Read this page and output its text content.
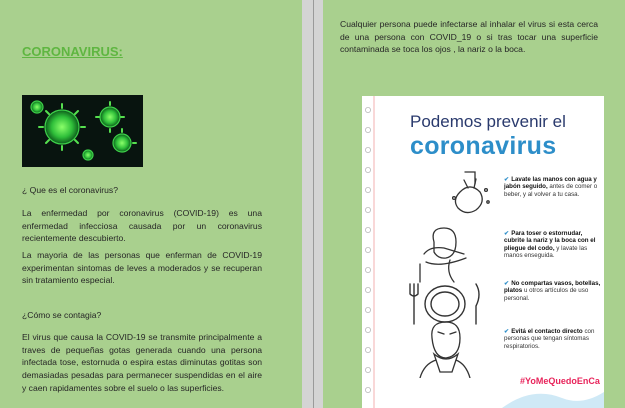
CORONAVIRUS:
¿ Que es el coronavirus?
La enfermedad por coronavirus (COVID-19) es una enfermedad infecciosa causada por un coronavirus recientemente descubierto.
La mayoria de las personas que enferman de COVID-19 experimentan sintomas de leves a moderados y se recuperan sin tratamiento especial.
¿Cómo se contagia?
El virus que causa la COVID-19 se transmite principalmente a traves de pequeñas gotas generada cuando una persona infectada tose, estornuda o espira estas diminutas gotitas son demasiadas pesadas para permanecer suspendidas en el aire y caen rapidamentes sobre el suelo o las superficies.
Cualquier persona puede infectarse al inhalar el virus si esta cerca de una persona con COVID_19 o si tras tocar una superficie contaminada se toca los ojos , la nariz o la boca.
Podemos prevenir el
coronavirus
✔ Lavate las manos con agua y jabón seguido, antes de comer o beber, y al volver a tu casa.
✔ Para toser o estornudar, cubrite la nariz y la boca con el pliegue del codo, y lavate las manos enseguida.
✔ No compartas vasos, botellas, platos u otros artículos de uso personal.
✔ Evitá el contacto directo con personas que tengan síntomas respiratorios.
#YoMeQuedoEnCa
